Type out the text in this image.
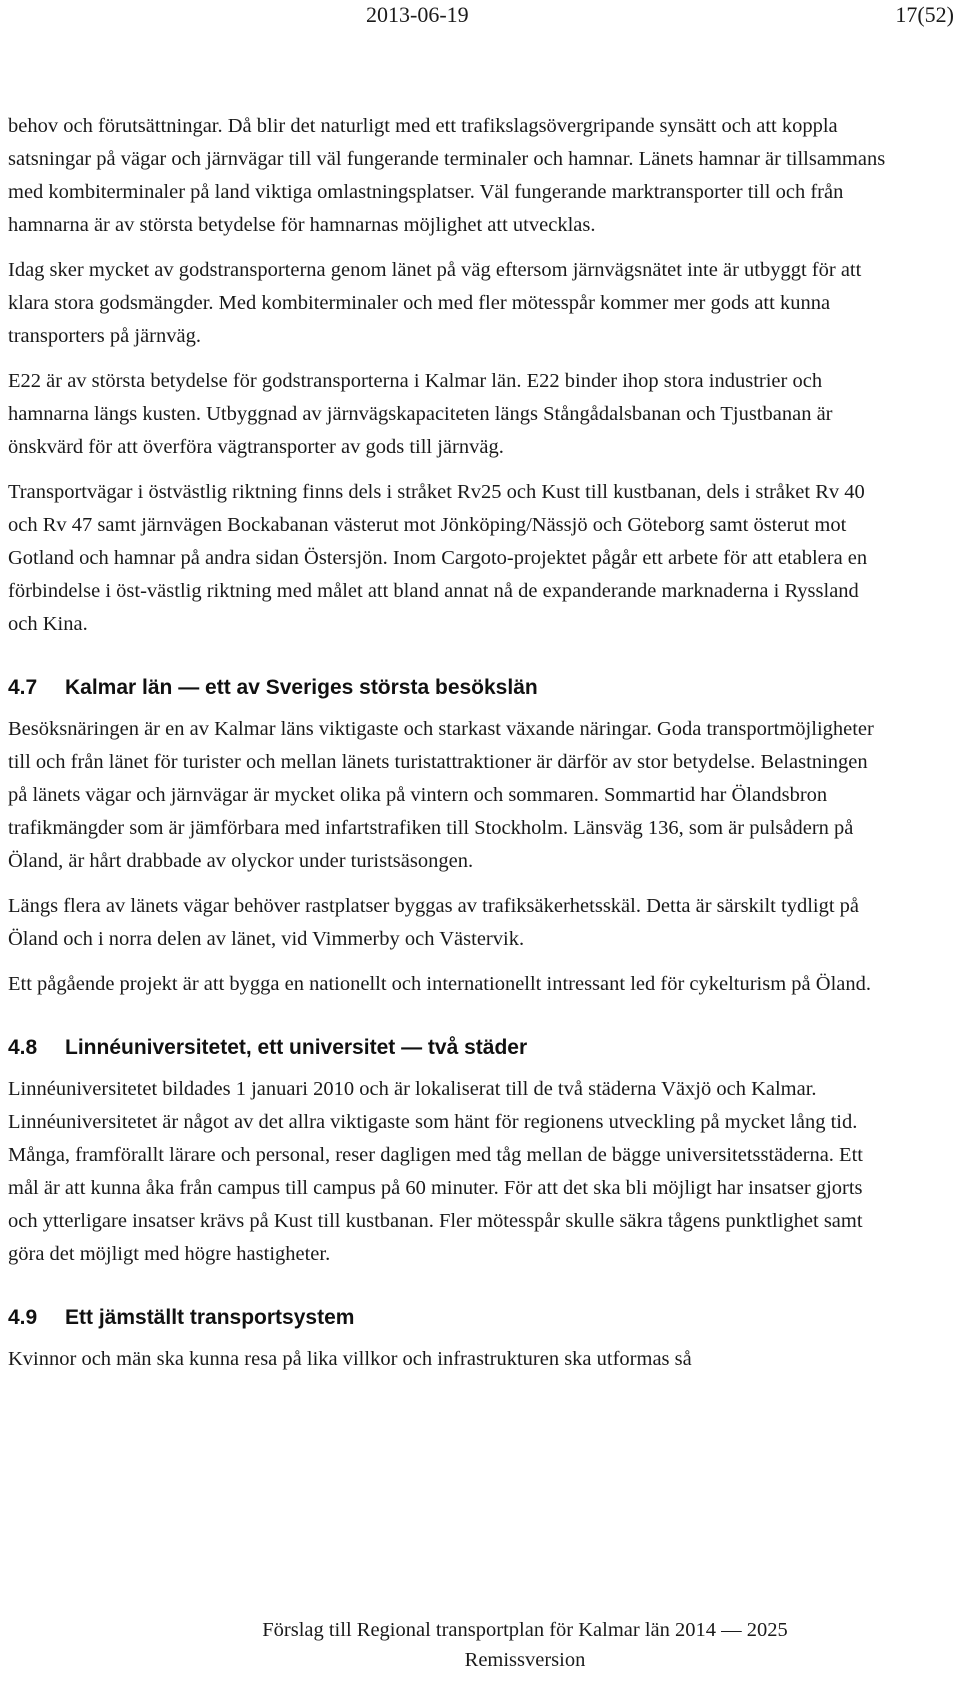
2013-06-19	17(52)

behov och förutsättningar. Då blir det naturligt med ett trafikslagsövergripande synsätt och att koppla satsningar på vägar och järnvägar till väl fungerande terminaler och hamnar. Länets hamnar är tillsammans med kombiterminaler på land viktiga omlastningsplatser. Väl fungerande marktransporter till och från hamnarna är av största betydelse för hamnarnas möjlighet att utvecklas.

Idag sker mycket av godstransporterna genom länet på väg eftersom järnvägsnätet inte är utbyggt för att klara stora godsmängder. Med kombiterminaler och med fler mötesspår kommer mer gods att kunna transporters på järnväg.

E22 är av största betydelse för godstransporterna i Kalmar län. E22 binder ihop stora industrier och hamnarna längs kusten. Utbyggnad av järnvägskapaciteten längs Stångådalsbanan och Tjustbanan är önskvärd för att överföra vägtransporter av gods till järnväg.

Transportvägar i östvästlig riktning finns dels i stråket Rv25 och Kust till kustbanan, dels i stråket Rv 40 och Rv 47 samt järnvägen Bockabanan västerut mot Jönköping/Nässjö och Göteborg samt österut mot Gotland och hamnar på andra sidan Östersjön. Inom Cargoto-projektet pågår ett arbete för att etablera en förbindelse i öst-västlig riktning med målet att bland annat nå de expanderande marknaderna i Ryssland och Kina.

4.7 Kalmar län — ett av Sveriges största besökslän

Besöksnäringen är en av Kalmar läns viktigaste och starkast växande näringar. Goda transportmöjligheter till och från länet för turister och mellan länets turistattraktioner är därför av stor betydelse. Belastningen på länets vägar och järnvägar är mycket olika på vintern och sommaren. Sommartid har Ölandsbron trafikmängder som är jämförbara med infartstrafiken till Stockholm. Länsväg 136, som är pulsådern på Öland, är hårt drabbade av olyckor under turistsäsongen.

Längs flera av länets vägar behöver rastplatser byggas av trafiksäkerhetsskäl. Detta är särskilt tydligt på Öland och i norra delen av länet, vid Vimmerby och Västervik.

Ett pågående projekt är att bygga en nationellt och internationellt intressant led för cykelturism på Öland.

4.8 Linnéuniversitetet, ett universitet — två städer

Linnéuniversitetet bildades 1 januari 2010 och är lokaliserat till de två städerna Växjö och Kalmar. Linnéuniversitetet är något av det allra viktigaste som hänt för regionens utveckling på mycket lång tid. Många, framförallt lärare och personal, reser dagligen med tåg mellan de bägge universitetsstäderna. Ett mål är att kunna åka från campus till campus på 60 minuter. För att det ska bli möjligt har insatser gjorts och ytterligare insatser krävs på Kust till kustbanan. Fler mötesspår skulle säkra tågens punktlighet samt göra det möjligt med högre hastigheter.

4.9 Ett jämställt transportsystem

Kvinnor och män ska kunna resa på lika villkor och infrastrukturen ska utformas så

Förslag till Regional transportplan för Kalmar län 2014 — 2025
Remissversion
